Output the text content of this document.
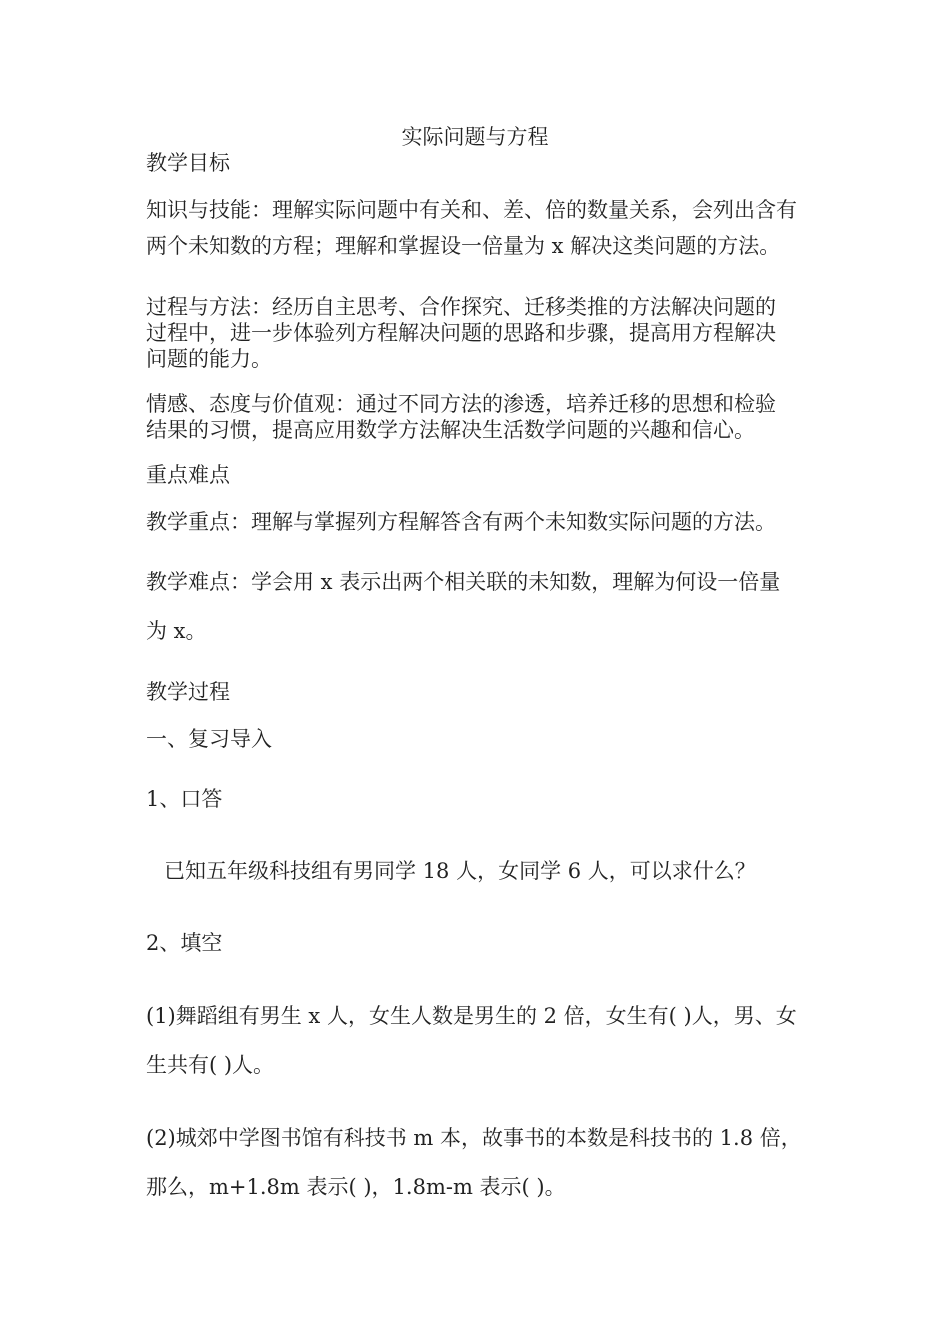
实际问题与方程
教学目标

知识与技能：理解实际问题中有关和、差、倍的数量关系，会列出含有

两个未知数的方程；理解和掌握设一倍量为 x 解决这类问题的方法。

过程与方法：经历自主思考、合作探究、迁移类推的方法解决问题的

过程中，进一步体验列方程解决问题的思路和步骤，提高用方程解决

问题的能力。

情感、态度与价值观：通过不同方法的渗透，培养迁移的思想和检验

结果的习惯，提高应用数学方法解决生活数学问题的兴趣和信心。

重点难点

教学重点：理解与掌握列方程解答含有两个未知数实际问题的方法。

教学难点：学会用 x 表示出两个相关联的未知数，理解为何设一倍量

为 x。

教学过程

一、复习导入

1、口答

已知五年级科技组有男同学 18 人，女同学 6 人，可以求什么？

2、填空

(1)舞蹈组有男生 x 人，女生人数是男生的 2 倍，女生有( )人，男、女

生共有( )人。

(2)城郊中学图书馆有科技书 m 本，故事书的本数是科技书的 1.8 倍，

那么，m+1.8m 表示( )，1.8m-m 表示( )。
